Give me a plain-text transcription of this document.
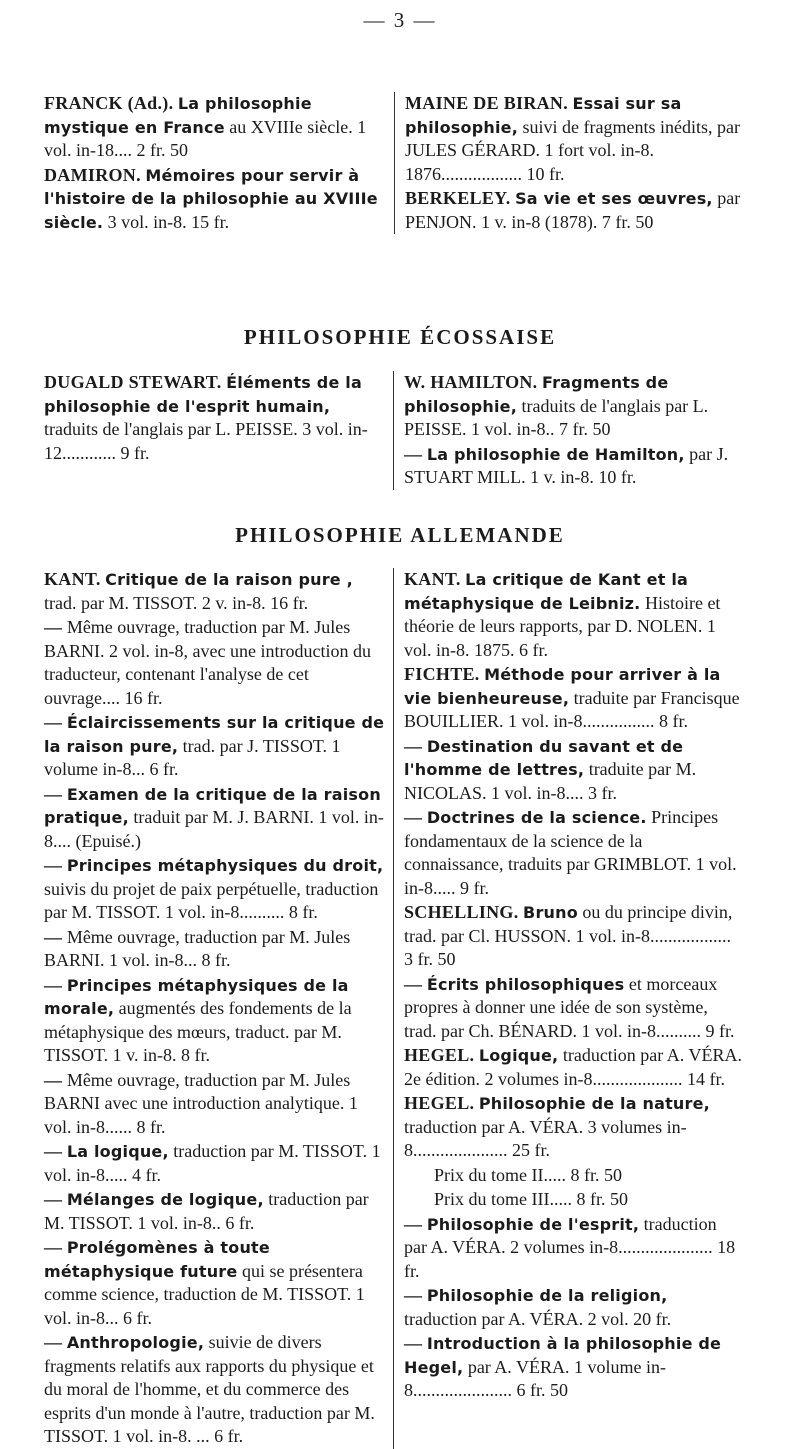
— 3 —

FRANCK (Ad.). La philosophie mystique en France au XVIIIe siècle. 1 vol. in-18.... 2 fr. 50

DAMIRON. Mémoires pour servir à l'histoire de la philosophie au XVIIIe siècle. 3 vol. in-8. 15 fr.

MAINE DE BIRAN. Essai sur sa philosophie, suivi de fragments inédits, par JULES GÉRARD. 1 fort vol. in-8. 1876.................. 10 fr.

BERKELEY. Sa vie et ses œuvres, par PENJON. 1 v. in-8 (1878). 7 fr. 50

PHILOSOPHIE ÉCOSSAISE

DUGALD STEWART. Éléments de la philosophie de l'esprit humain, traduits de l'anglais par L. PEISSE. 3 vol. in-12............ 9 fr.

W. HAMILTON. Fragments de philosophie, traduits de l'anglais par L. PEISSE. 1 vol. in-8.. 7 fr. 50

— La philosophie de Hamilton, par J. STUART MILL. 1 v. in-8. 10 fr.

PHILOSOPHIE ALLEMANDE

KANT. Critique de la raison pure , trad. par M. TISSOT. 2 v. in-8. 16 fr.

— Même ouvrage, traduction par M. Jules BARNI. 2 vol. in-8, avec une introduction du traducteur, contenant l'analyse de cet ouvrage.... 16 fr.

— Éclaircissements sur la critique de la raison pure, trad. par J. TISSOT. 1 volume in-8... 6 fr.

— Examen de la critique de la raison pratique, traduit par M. J. BARNI. 1 vol. in-8.... (Epuisé.)

— Principes métaphysiques du droit, suivis du projet de paix perpétuelle, traduction par M. TISSOT. 1 vol. in-8.......... 8 fr.

— Même ouvrage, traduction par M. Jules BARNI. 1 vol. in-8... 8 fr.

— Principes métaphysiques de la morale, augmentés des fondements de la métaphysique des mœurs, traduct. par M. TISSOT. 1 v. in-8. 8 fr.

— Même ouvrage, traduction par M. Jules BARNI avec une introduction analytique. 1 vol. in-8...... 8 fr.

— La logique, traduction par M. TISSOT. 1 vol. in-8..... 4 fr.

— Mélanges de logique, traduction par M. TISSOT. 1 vol. in-8.. 6 fr.

— Prolégomènes à toute métaphysique future qui se présentera comme science, traduction de M. TISSOT. 1 vol. in-8... 6 fr.

— Anthropologie, suivie de divers fragments relatifs aux rapports du physique et du moral de l'homme, et du commerce des esprits d'un monde à l'autre, traduction par M. TISSOT. 1 vol. in-8. ... 6 fr.

KANT. La critique de Kant et la métaphysique de Leibniz. Histoire et théorie de leurs rapports, par D. NOLEN. 1 vol. in-8. 1875. 6 fr.

FICHTE. Méthode pour arriver à la vie bienheureuse, traduite par Francisque BOUILLIER. 1 vol. in-8................ 8 fr.

— Destination du savant et de l'homme de lettres, traduite par M. NICOLAS. 1 vol. in-8.... 3 fr.

— Doctrines de la science. Principes fondamentaux de la science de la connaissance, traduits par GRIMBLOT. 1 vol. in-8..... 9 fr.

SCHELLING. Bruno ou du principe divin, trad. par Cl. HUSSON. 1 vol. in-8.................. 3 fr. 50

— Écrits philosophiques et morceaux propres à donner une idée de son système, trad. par Ch. BÉNARD. 1 vol. in-8.......... 9 fr.

HEGEL. Logique, traduction par A. VÉRA. 2e édition. 2 volumes in-8.................... 14 fr.

HEGEL. Philosophie de la nature, traduction par A. VÉRA. 3 volumes in-8..................... 25 fr.

Prix du tome II..... 8 fr. 50

Prix du tome III..... 8 fr. 50

— Philosophie de l'esprit, traduction par A. VÉRA. 2 volumes in-8..................... 18 fr.

— Philosophie de la religion, traduction par A. VÉRA. 2 vol. 20 fr.

— Introduction à la philosophie de Hegel, par A. VÉRA. 1 volume in-8...................... 6 fr. 50
